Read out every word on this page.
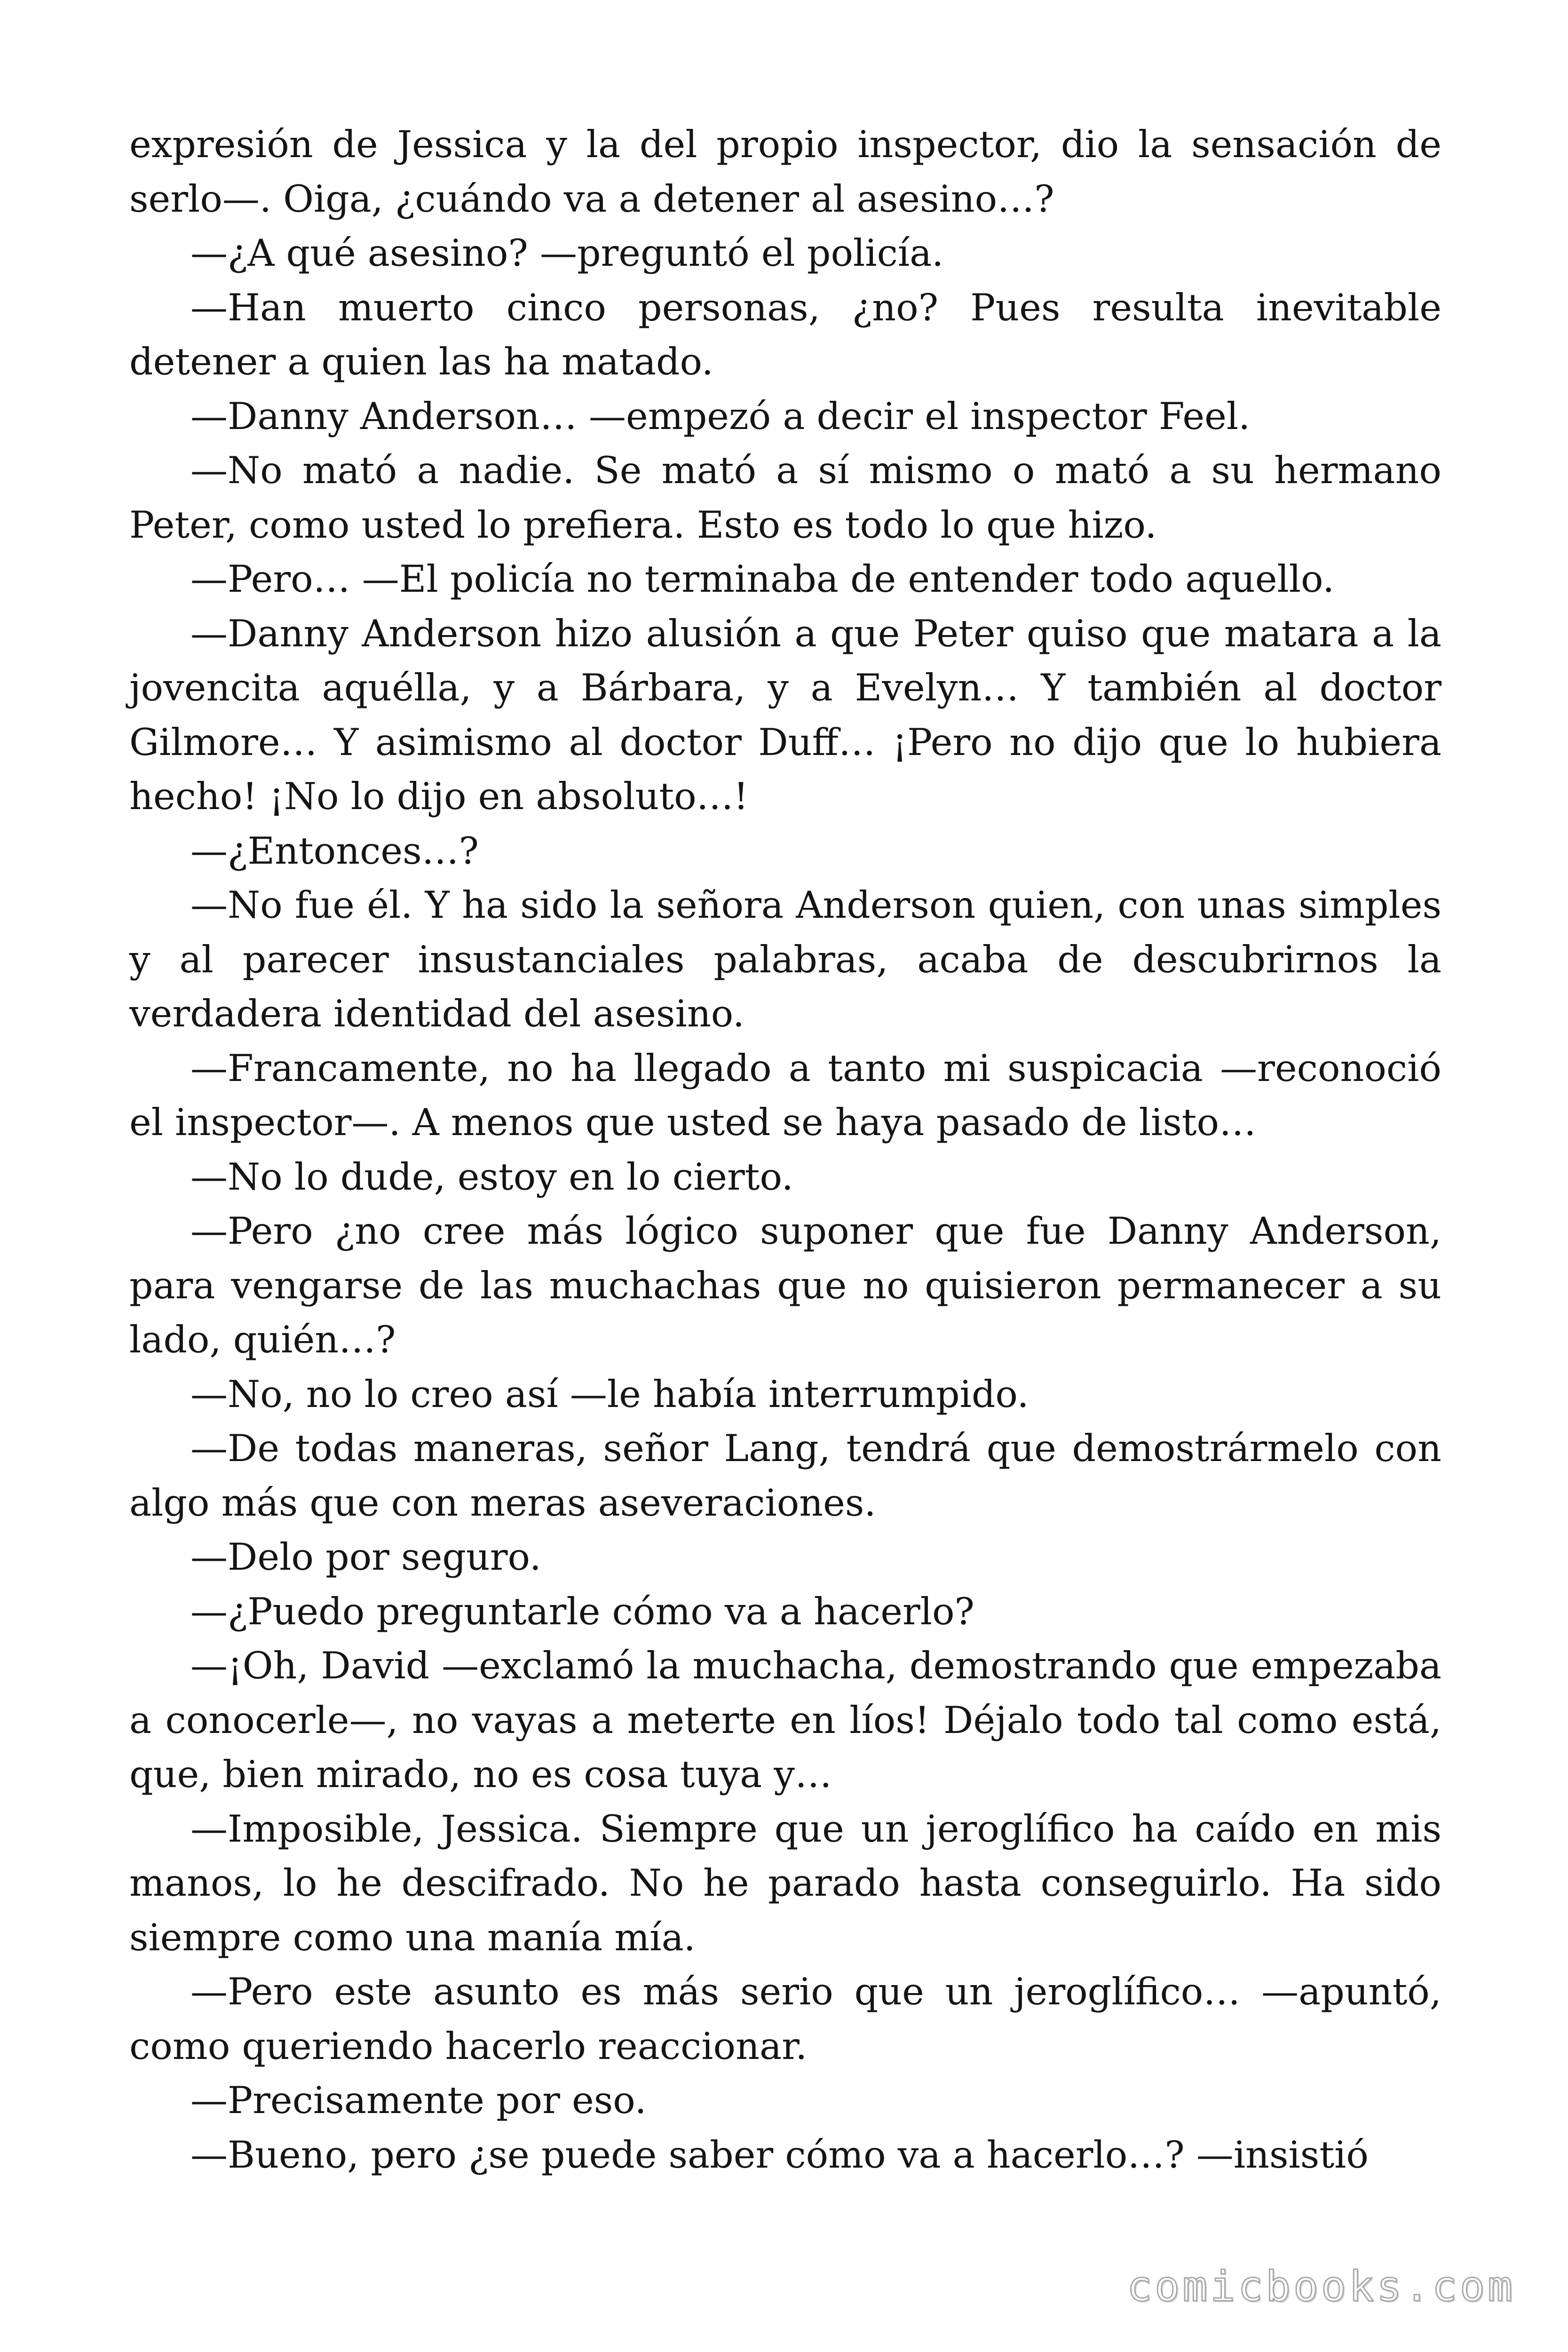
expresión de Jessica y la del propio inspector, dio la sensación de serlo—. Oiga, ¿cuándo va a detener al asesino…?

—¿A qué asesino? —preguntó el policía.

—Han muerto cinco personas, ¿no? Pues resulta inevitable detener a quien las ha matado.

—Danny Anderson… —empezó a decir el inspector Feel.

—No mató a nadie. Se mató a sí mismo o mató a su hermano Peter, como usted lo prefiera. Esto es todo lo que hizo.

—Pero… —El policía no terminaba de entender todo aquello.

—Danny Anderson hizo alusión a que Peter quiso que matara a la jovencita aquélla, y a Bárbara, y a Evelyn… Y también al doctor Gilmore… Y asimismo al doctor Duff… ¡Pero no dijo que lo hubiera hecho! ¡No lo dijo en absoluto…!

—¿Entonces…?

—No fue él. Y ha sido la señora Anderson quien, con unas simples y al parecer insustanciales palabras, acaba de descubrirnos la verdadera identidad del asesino.

—Francamente, no ha llegado a tanto mi suspicacia —reconoció el inspector—. A menos que usted se haya pasado de listo…

—No lo dude, estoy en lo cierto.

—Pero ¿no cree más lógico suponer que fue Danny Anderson, para vengarse de las muchachas que no quisieron permanecer a su lado, quién…?

—No, no lo creo así —le había interrumpido.

—De todas maneras, señor Lang, tendrá que demostrármelo con algo más que con meras aseveraciones.

—Delo por seguro.

—¿Puedo preguntarle cómo va a hacerlo?

—¡Oh, David —exclamó la muchacha, demostrando que empezaba a conocerle—, no vayas a meterte en líos! Déjalo todo tal como está, que, bien mirado, no es cosa tuya y…

—Imposible, Jessica. Siempre que un jeroglífico ha caído en mis manos, lo he descifrado. No he parado hasta conseguirlo. Ha sido siempre como una manía mía.

—Pero este asunto es más serio que un jeroglífico… —apuntó, como queriendo hacerlo reaccionar.

—Precisamente por eso.

—Bueno, pero ¿se puede saber cómo va a hacerlo…? —insistió

comicbooks.com
